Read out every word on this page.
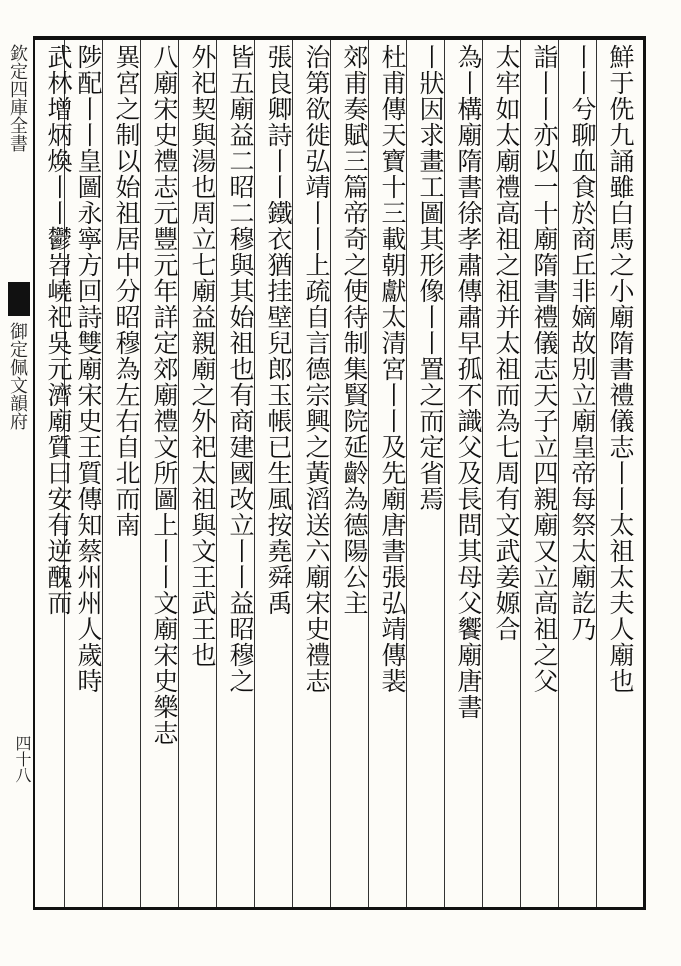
欽定四庫全書
御定佩文韻府
四十八
鮮于侁九誦雖白馬之小廟隋書禮儀志丨丨太祖太夫人廟也
丨丨兮聊血食於商丘非嫡故別立廟皇帝每祭太廟訖乃
詣丨丨亦以一十廟隋書禮儀志天子立四親廟又立高祖之父
太牢如太廟禮高祖之祖并太祖而為七周有文武姜嫄合
為丨構廟隋書徐孝肅傳肅早孤不識父及長問其母父饗廟唐書
丨狀因求畫工圖其形像丨丨置之而定省焉
杜甫傳天寶十三載朝獻太清宮丨丨及先廟唐書張弘靖傳裴
郊甫奏賦三篇帝奇之使待制集賢院延齡為德陽公主
治第欲徙弘靖丨丨上疏自言德宗興之黃滔送六廟宋史禮志
張良卿詩丨丨鐵衣猶挂壁兒郎玉帳已生風按堯舜禹
皆五廟益二昭二穆與其始祖也有商建國改立丨丨益昭穆之
外祀契與湯也周立七廟益親廟之外祀太祖與文王武王也
八廟宋史禮志元豐元年詳定郊廟禮文所圖上丨丨文廟宋史樂志
異宮之制以始祖居中分昭穆為左右自北而南
陟配丨丨皇圖永寧方回詩雙廟宋史王質傳知蔡州州人歲時
武林增炳煥丨丨鬱岧嶢祀吳元濟廟質曰安有逆醜而
